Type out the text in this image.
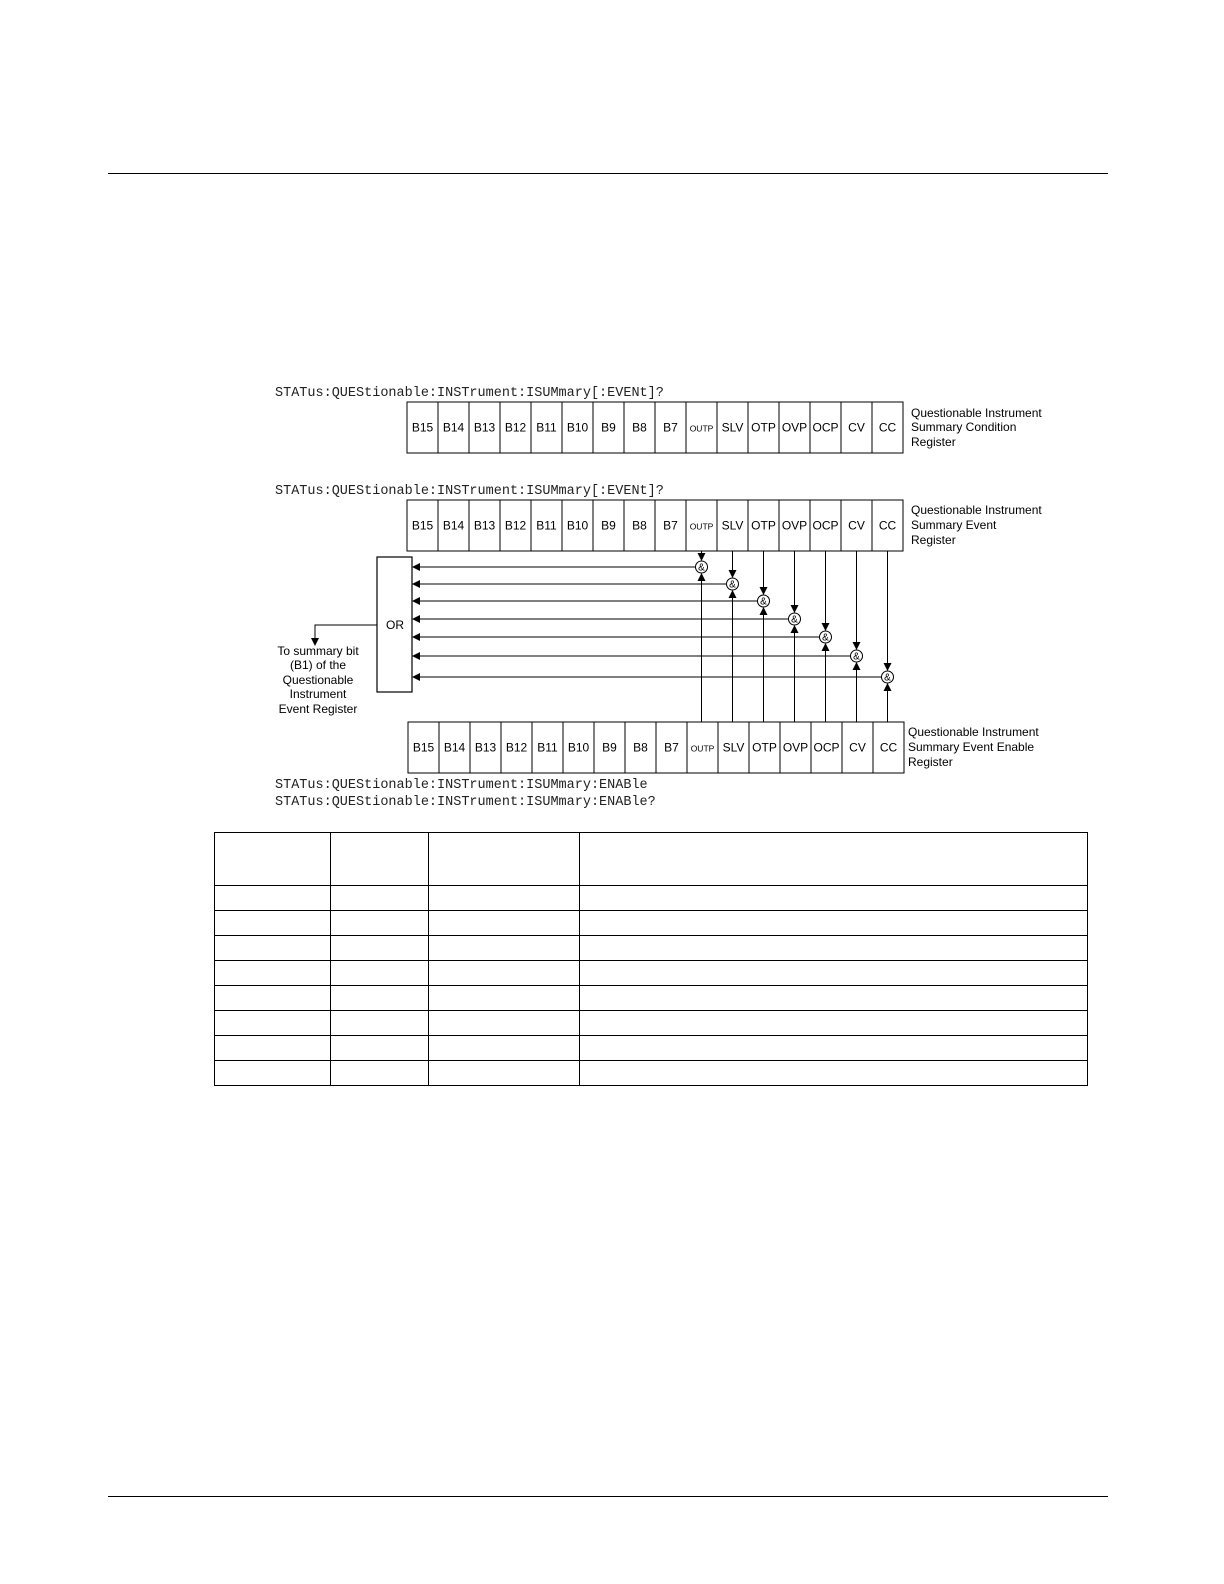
STATus:QUEStionable:INSTrument:ISUMmary[:EVENt]?
STATus:QUEStionable:INSTrument:ISUMmary[:EVENt]?
STATus:QUEStionable:INSTrument:ISUMmary:ENABle
STATus:QUEStionable:INSTrument:ISUMmary:ENABle?
B15 B14 B13 B12 B11 B10 B9 B8 B7 OUTP SLV OTP OVP OCP CV CC
B15 B14 B13 B12 B11 B10 B9 B8 B7 OUTP SLV OTP OVP OCP CV CC
B15 B14 B13 B12 B11 B10 B9 B8 B7 OUTP SLV OTP OVP OCP CV CC
Questionable Instrument
Summary Condition
Register
Questionable Instrument
Summary Event
Register
Questionable Instrument
Summary Event Enable
Register
OR
&
&
&
&
&
&
&
To summary bit
(B1) of the
Questionable
Instrument
Event Register
